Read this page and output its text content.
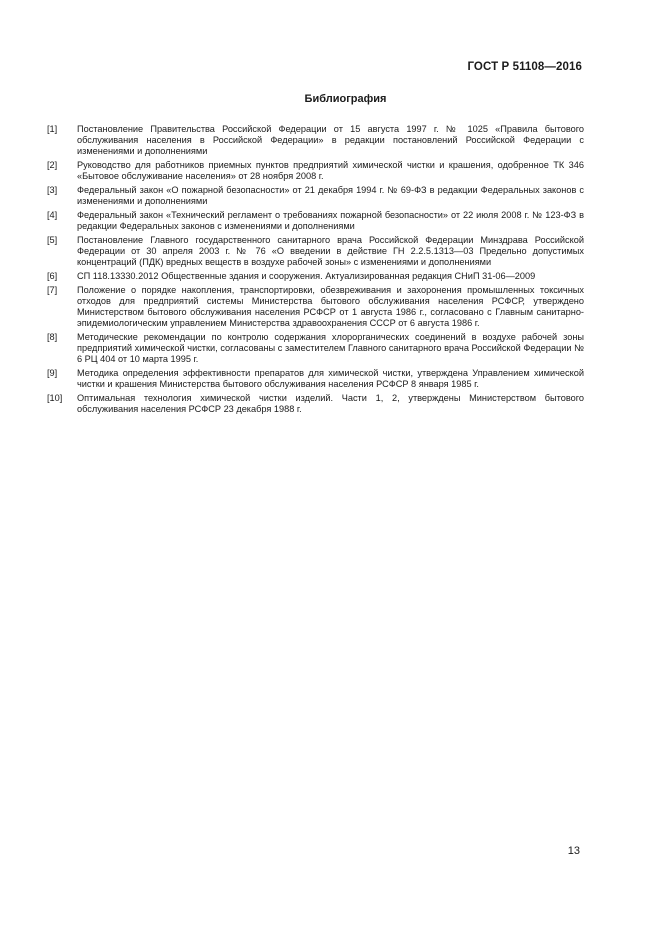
ГОСТ Р 51108—2016
Библиография
[1]	Постановление Правительства Российской Федерации от 15 августа 1997 г. № 1025 «Правила бытового обслуживания населения в Российской Федерации» в редакции постановлений Российской Федерации с изменениями и дополнениями
[2]	Руководство для работников приемных пунктов предприятий химической чистки и крашения, одобренное ТК 346 «Бытовое обслуживание населения» от 28 ноября 2008 г.
[3]	Федеральный закон «О пожарной безопасности» от 21 декабря 1994 г. № 69-ФЗ в редакции Федеральных законов с изменениями и дополнениями
[4]	Федеральный закон «Технический регламент о требованиях пожарной безопасности» от 22 июля 2008 г. № 123-ФЗ в редакции Федеральных законов с изменениями и дополнениями
[5]	Постановление Главного государственного санитарного врача Российской Федерации Минздрава Российской Федерации от 30 апреля 2003 г. № 76 «О введении в действие ГН 2.2.5.1313—03 Предельно допустимых концентраций (ПДК) вредных веществ в воздухе рабочей зоны» с изменениями и дополнениями
[6]	СП 118.13330.2012 Общественные здания и сооружения. Актуализированная редакция СНиП 31-06—2009
[7]	Положение о порядке накопления, транспортировки, обезвреживания и захоронения промышленных токсичных отходов для предприятий системы Министерства бытового обслуживания населения РСФСР, утверждено Министерством бытового обслуживания населения РСФСР от 1 августа 1986 г., согласовано с Главным санитарно-эпидемиологическим управлением Министерства здравоохранения СССР от 6 августа 1986 г.
[8]	Методические рекомендации по контролю содержания хлорорганических соединений в воздухе рабочей зоны предприятий химической чистки, согласованы с заместителем Главного санитарного врача Российской Федерации № 6 РЦ 404 от 10 марта 1995 г.
[9]	Методика определения эффективности препаратов для химической чистки, утверждена Управлением химической чистки и крашения Министерства бытового обслуживания населения РСФСР 8 января 1985 г.
[10]	Оптимальная технология химической чистки изделий. Части 1, 2, утверждены Министерством бытового обслуживания населения РСФСР 23 декабря 1988 г.
13
